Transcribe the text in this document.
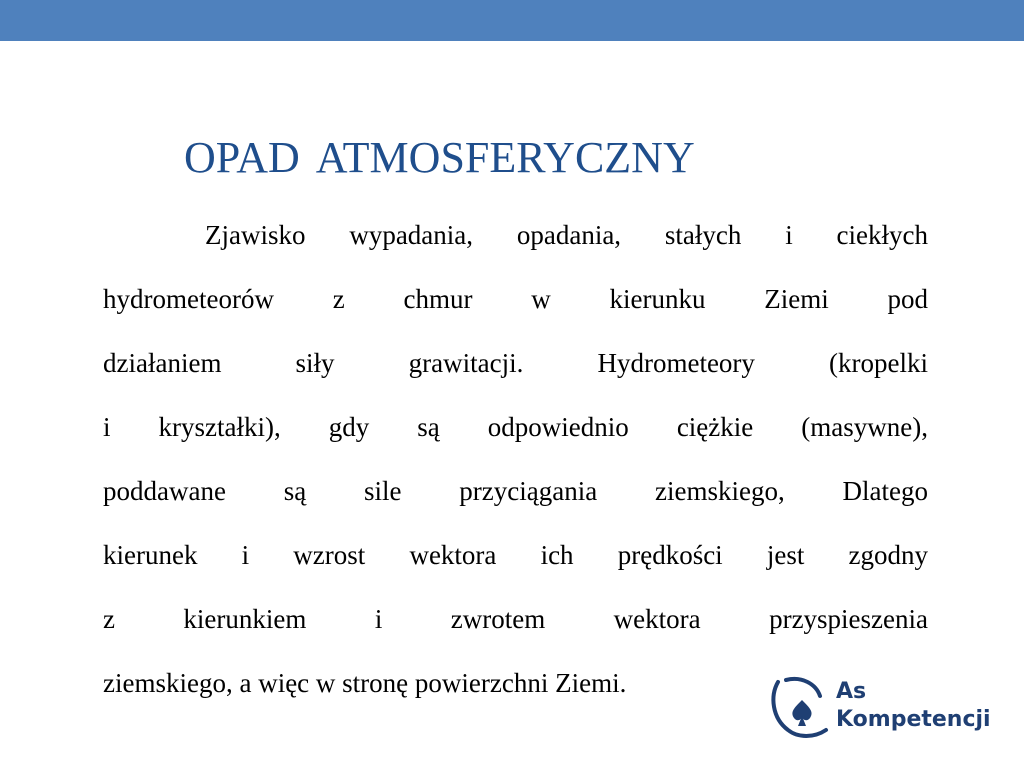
OPAD ATMOSFERYCZNY
Zjawisko wypadania, opadania, stałych i ciekłych
hydrometeorów z chmur w kierunku Ziemi pod
działaniem siły grawitacji. Hydrometeory (kropelki
i kryształki), gdy są odpowiednio ciężkie (masywne),
poddawane są sile przyciągania ziemskiego, Dlatego
kierunek i wzrost wektora ich prędkości jest zgodny
z kierunkiem i zwrotem wektora przyspieszenia
ziemskiego, a więc w stronę powierzchni Ziemi.	As
Kompetencji
